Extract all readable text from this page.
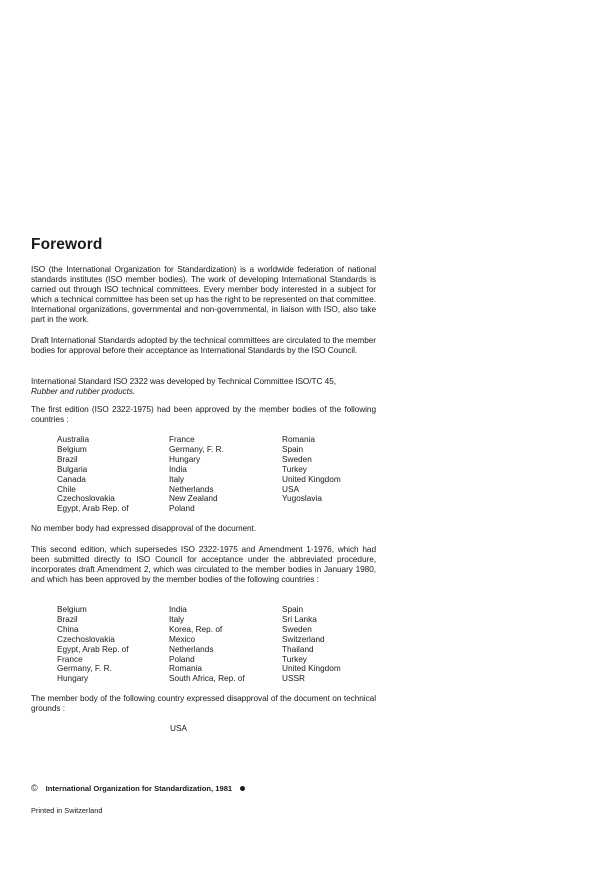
Foreword

ISO (the International Organization for Standardization) is a worldwide federation of national standards institutes (ISO member bodies). The work of developing International Standards is carried out through ISO technical committees. Every member body interested in a subject for which a technical committee has been set up has the right to be represented on that committee. International organizations, governmental and non-governmental, in liaison with ISO, also take part in the work.

Draft International Standards adopted by the technical committees are circulated to the member bodies for approval before their acceptance as International Standards by the ISO Council.

International Standard ISO 2322 was developed by Technical Committee ISO/TC 45,
Rubber and rubber products.

The first edition (ISO 2322-1975) had been approved by the member bodies of the following countries :

Australia
Belgium
Brazil
Bulgaria
Canada
Chile
Czechoslovakia
Egypt, Arab Rep. of
France
Germany, F. R.
Hungary
India
Italy
Netherlands
New Zealand
Poland
Romania
Spain
Sweden
Turkey
United Kingdom
USA
Yugoslavia

No member body had expressed disapproval of the document.

This second edition, which supersedes ISO 2322-1975 and Amendment 1-1976, which had been submitted directly to ISO Council for acceptance under the abbreviated procedure, incorporates draft Amendment 2, which was circulated to the member bodies in January 1980, and which has been approved by the member bodies of the following countries :

Belgium
Brazil
China
Czechoslovakia
Egypt, Arab Rep. of
France
Germany, F. R.
Hungary
India
Italy
Korea, Rep. of
Mexico
Netherlands
Poland
Romania
South Africa, Rep. of
Spain
Sri Lanka
Sweden
Switzerland
Thailand
Turkey
United Kingdom
USSR

The member body of the following country expressed disapproval of the document on technical grounds :

USA
© International Organization for Standardization, 1981
Printed in Switzerland
